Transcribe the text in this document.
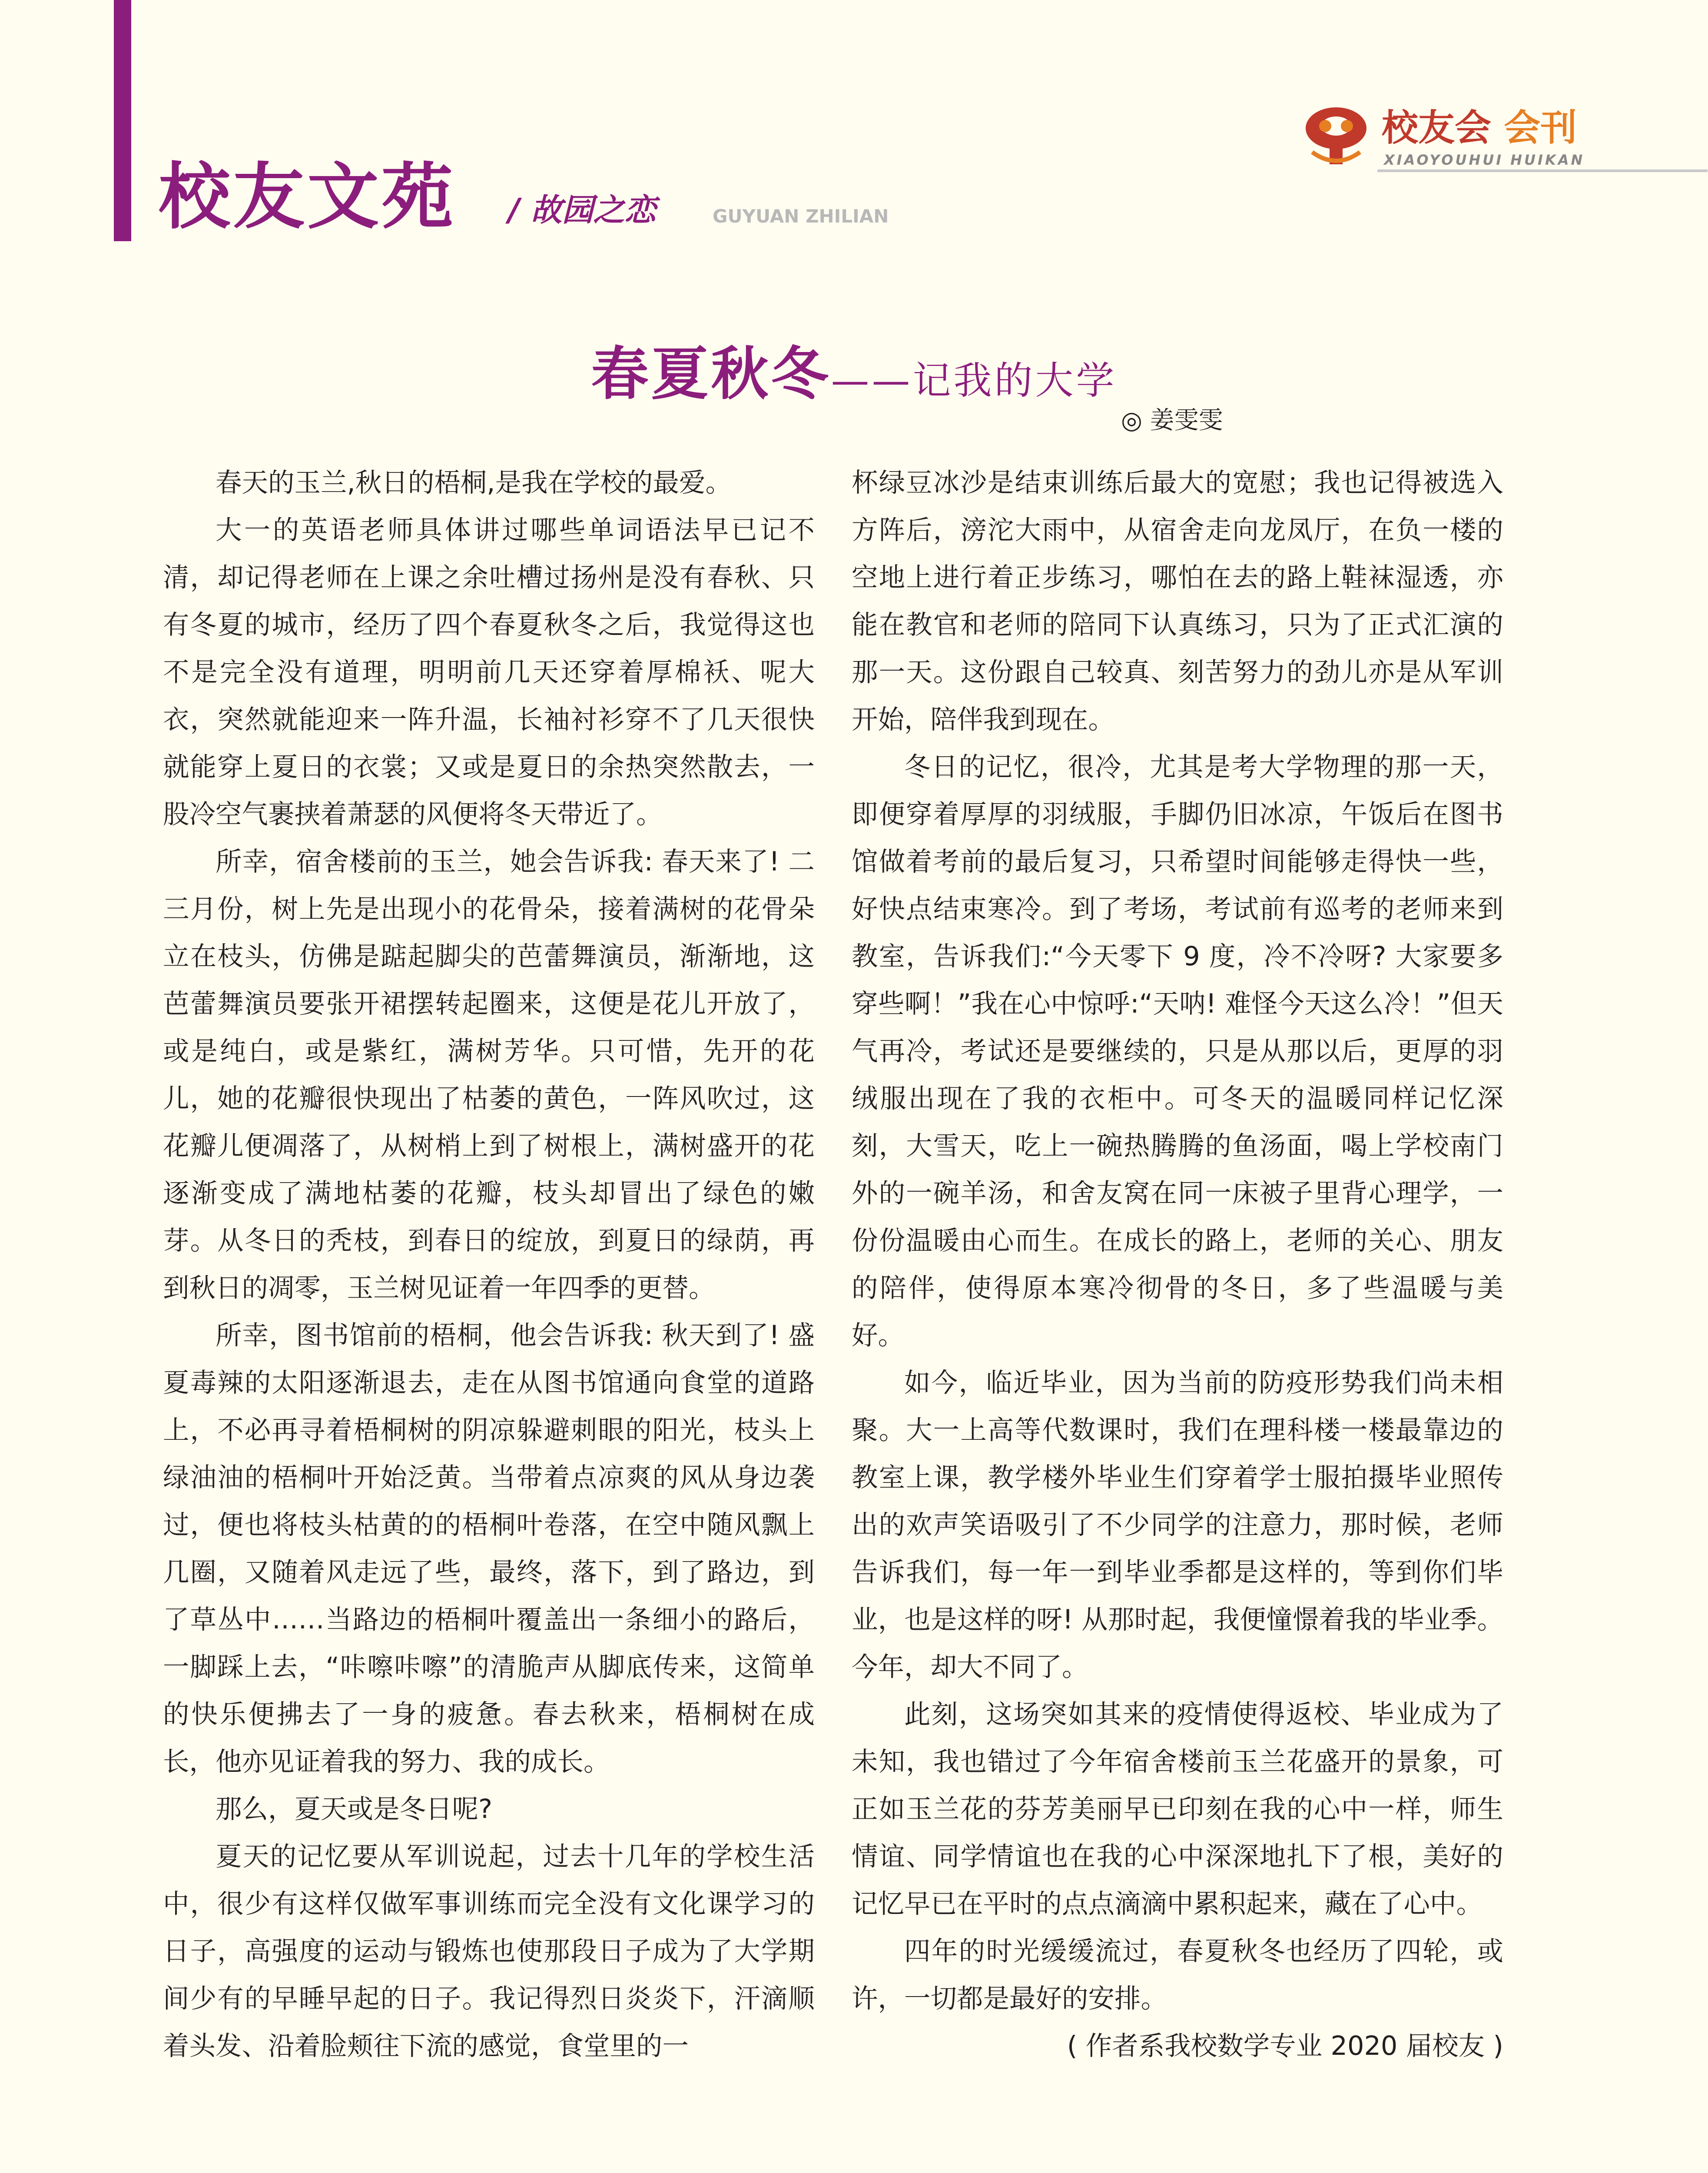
校友文苑 / 故园之恋	GUYUAN ZHILIAN
校友会 会刊
XIAOYOUHUI HUIKAN
春夏秋冬——记我的大学
◎ 姜雯雯

春天的玉兰,秋日的梧桐,是我在学校的最爱。

大一的英语老师具体讲过哪些单词语法早已记不清，却记得老师在上课之余吐槽过扬州是没有春秋、只有冬夏的城市，经历了四个春夏秋冬之后，我觉得这也不是完全没有道理，明明前几天还穿着厚棉袄、呢大衣，突然就能迎来一阵升温，长袖衬衫穿不了几天很快就能穿上夏日的衣裳；又或是夏日的余热突然散去，一股冷空气裹挟着萧瑟的风便将冬天带近了。

所幸，宿舍楼前的玉兰，她会告诉我: 春天来了! 二三月份，树上先是出现小的花骨朵，接着满树的花骨朵立在枝头，仿佛是踮起脚尖的芭蕾舞演员，渐渐地，这芭蕾舞演员要张开裙摆转起圈来，这便是花儿开放了，或是纯白，或是紫红，满树芳华。只可惜，先开的花儿，她的花瓣很快现出了枯萎的黄色，一阵风吹过，这花瓣儿便凋落了，从树梢上到了树根上，满树盛开的花逐渐变成了满地枯萎的花瓣，枝头却冒出了绿色的嫩芽。从冬日的秃枝，到春日的绽放，到夏日的绿荫，再到秋日的凋零，玉兰树见证着一年四季的更替。

所幸，图书馆前的梧桐，他会告诉我: 秋天到了! 盛夏毒辣的太阳逐渐退去，走在从图书馆通向食堂的道路上，不必再寻着梧桐树的阴凉躲避刺眼的阳光，枝头上绿油油的梧桐叶开始泛黄。当带着点凉爽的风从身边袭过，便也将枝头枯黄的的梧桐叶卷落，在空中随风飘上几圈，又随着风走远了些，最终，落下，到了路边，到了草丛中……当路边的梧桐叶覆盖出一条细小的路后，一脚踩上去，“咔嚓咔嚓”的清脆声从脚底传来，这简单的快乐便拂去了一身的疲惫。春去秋来，梧桐树在成长，他亦见证着我的努力、我的成长。

那么，夏天或是冬日呢?

夏天的记忆要从军训说起，过去十几年的学校生活中，很少有这样仅做军事训练而完全没有文化课学习的日子，高强度的运动与锻炼也使那段日子成为了大学期间少有的早睡早起的日子。我记得烈日炎炎下，汗滴顺着头发、沿着脸颊往下流的感觉，食堂里的一

杯绿豆冰沙是结束训练后最大的宽慰；我也记得被选入方阵后，滂沱大雨中，从宿舍走向龙凤厅，在负一楼的空地上进行着正步练习，哪怕在去的路上鞋袜湿透，亦能在教官和老师的陪同下认真练习，只为了正式汇演的那一天。这份跟自己较真、刻苦努力的劲儿亦是从军训开始，陪伴我到现在。

冬日的记忆，很冷，尤其是考大学物理的那一天，即便穿着厚厚的羽绒服，手脚仍旧冰凉，午饭后在图书馆做着考前的最后复习，只希望时间能够走得快一些，好快点结束寒冷。到了考场，考试前有巡考的老师来到教室，告诉我们:“今天零下 9 度，冷不冷呀? 大家要多穿些啊！”我在心中惊呼:“天呐! 难怪今天这么冷！”但天气再冷，考试还是要继续的，只是从那以后，更厚的羽绒服出现在了我的衣柜中。可冬天的温暖同样记忆深刻，大雪天，吃上一碗热腾腾的鱼汤面，喝上学校南门外的一碗羊汤，和舍友窝在同一床被子里背心理学，一份份温暖由心而生。在成长的路上，老师的关心、朋友的陪伴，使得原本寒冷彻骨的冬日，多了些温暖与美好。

如今，临近毕业，因为当前的防疫形势我们尚未相聚。大一上高等代数课时，我们在理科楼一楼最靠边的教室上课，教学楼外毕业生们穿着学士服拍摄毕业照传出的欢声笑语吸引了不少同学的注意力，那时候，老师告诉我们，每一年一到毕业季都是这样的，等到你们毕业，也是这样的呀! 从那时起，我便憧憬着我的毕业季。今年，却大不同了。

此刻，这场突如其来的疫情使得返校、毕业成为了未知，我也错过了今年宿舍楼前玉兰花盛开的景象，可正如玉兰花的芬芳美丽早已印刻在我的心中一样，师生情谊、同学情谊也在我的心中深深地扎下了根，美好的记忆早已在平时的点点滴滴中累积起来，藏在了心中。

四年的时光缓缓流过，春夏秋冬也经历了四轮，或许，一切都是最好的安排。

( 作者系我校数学专业 2020 届校友 )
